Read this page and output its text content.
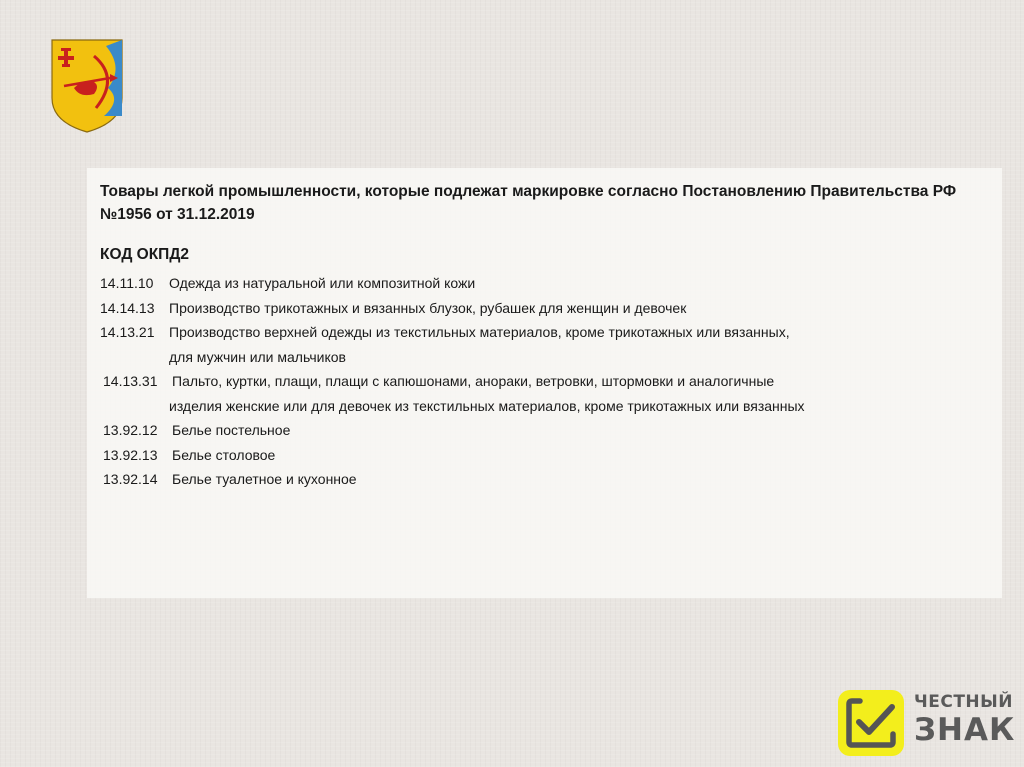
Товары легкой промышленности, которые подлежат маркировке согласно Постановлению Правительства РФ №1956 от 31.12.2019

КОД ОКПД2
14.11.10	Одежда из натуральной или композитной кожи
14.14.13	Производство трикотажных и вязанных блузок, рубашек для женщин и девочек
14.13.21	Производство верхней одежды из текстильных материалов, кроме трикотажных или вязанных,
для мужчин или мальчиков
14.13.31	Пальто, куртки, плащи, плащи с капюшонами, анораки, ветровки, штормовки и аналогичные
изделия женские или для девочек из текстильных материалов, кроме трикотажных или вязанных
13.92.12	Белье постельное
13.92.13	Белье столовое
13.92.14	Белье туалетное и кухонное
ЧЕСТНЫЙ
ЗНАК
